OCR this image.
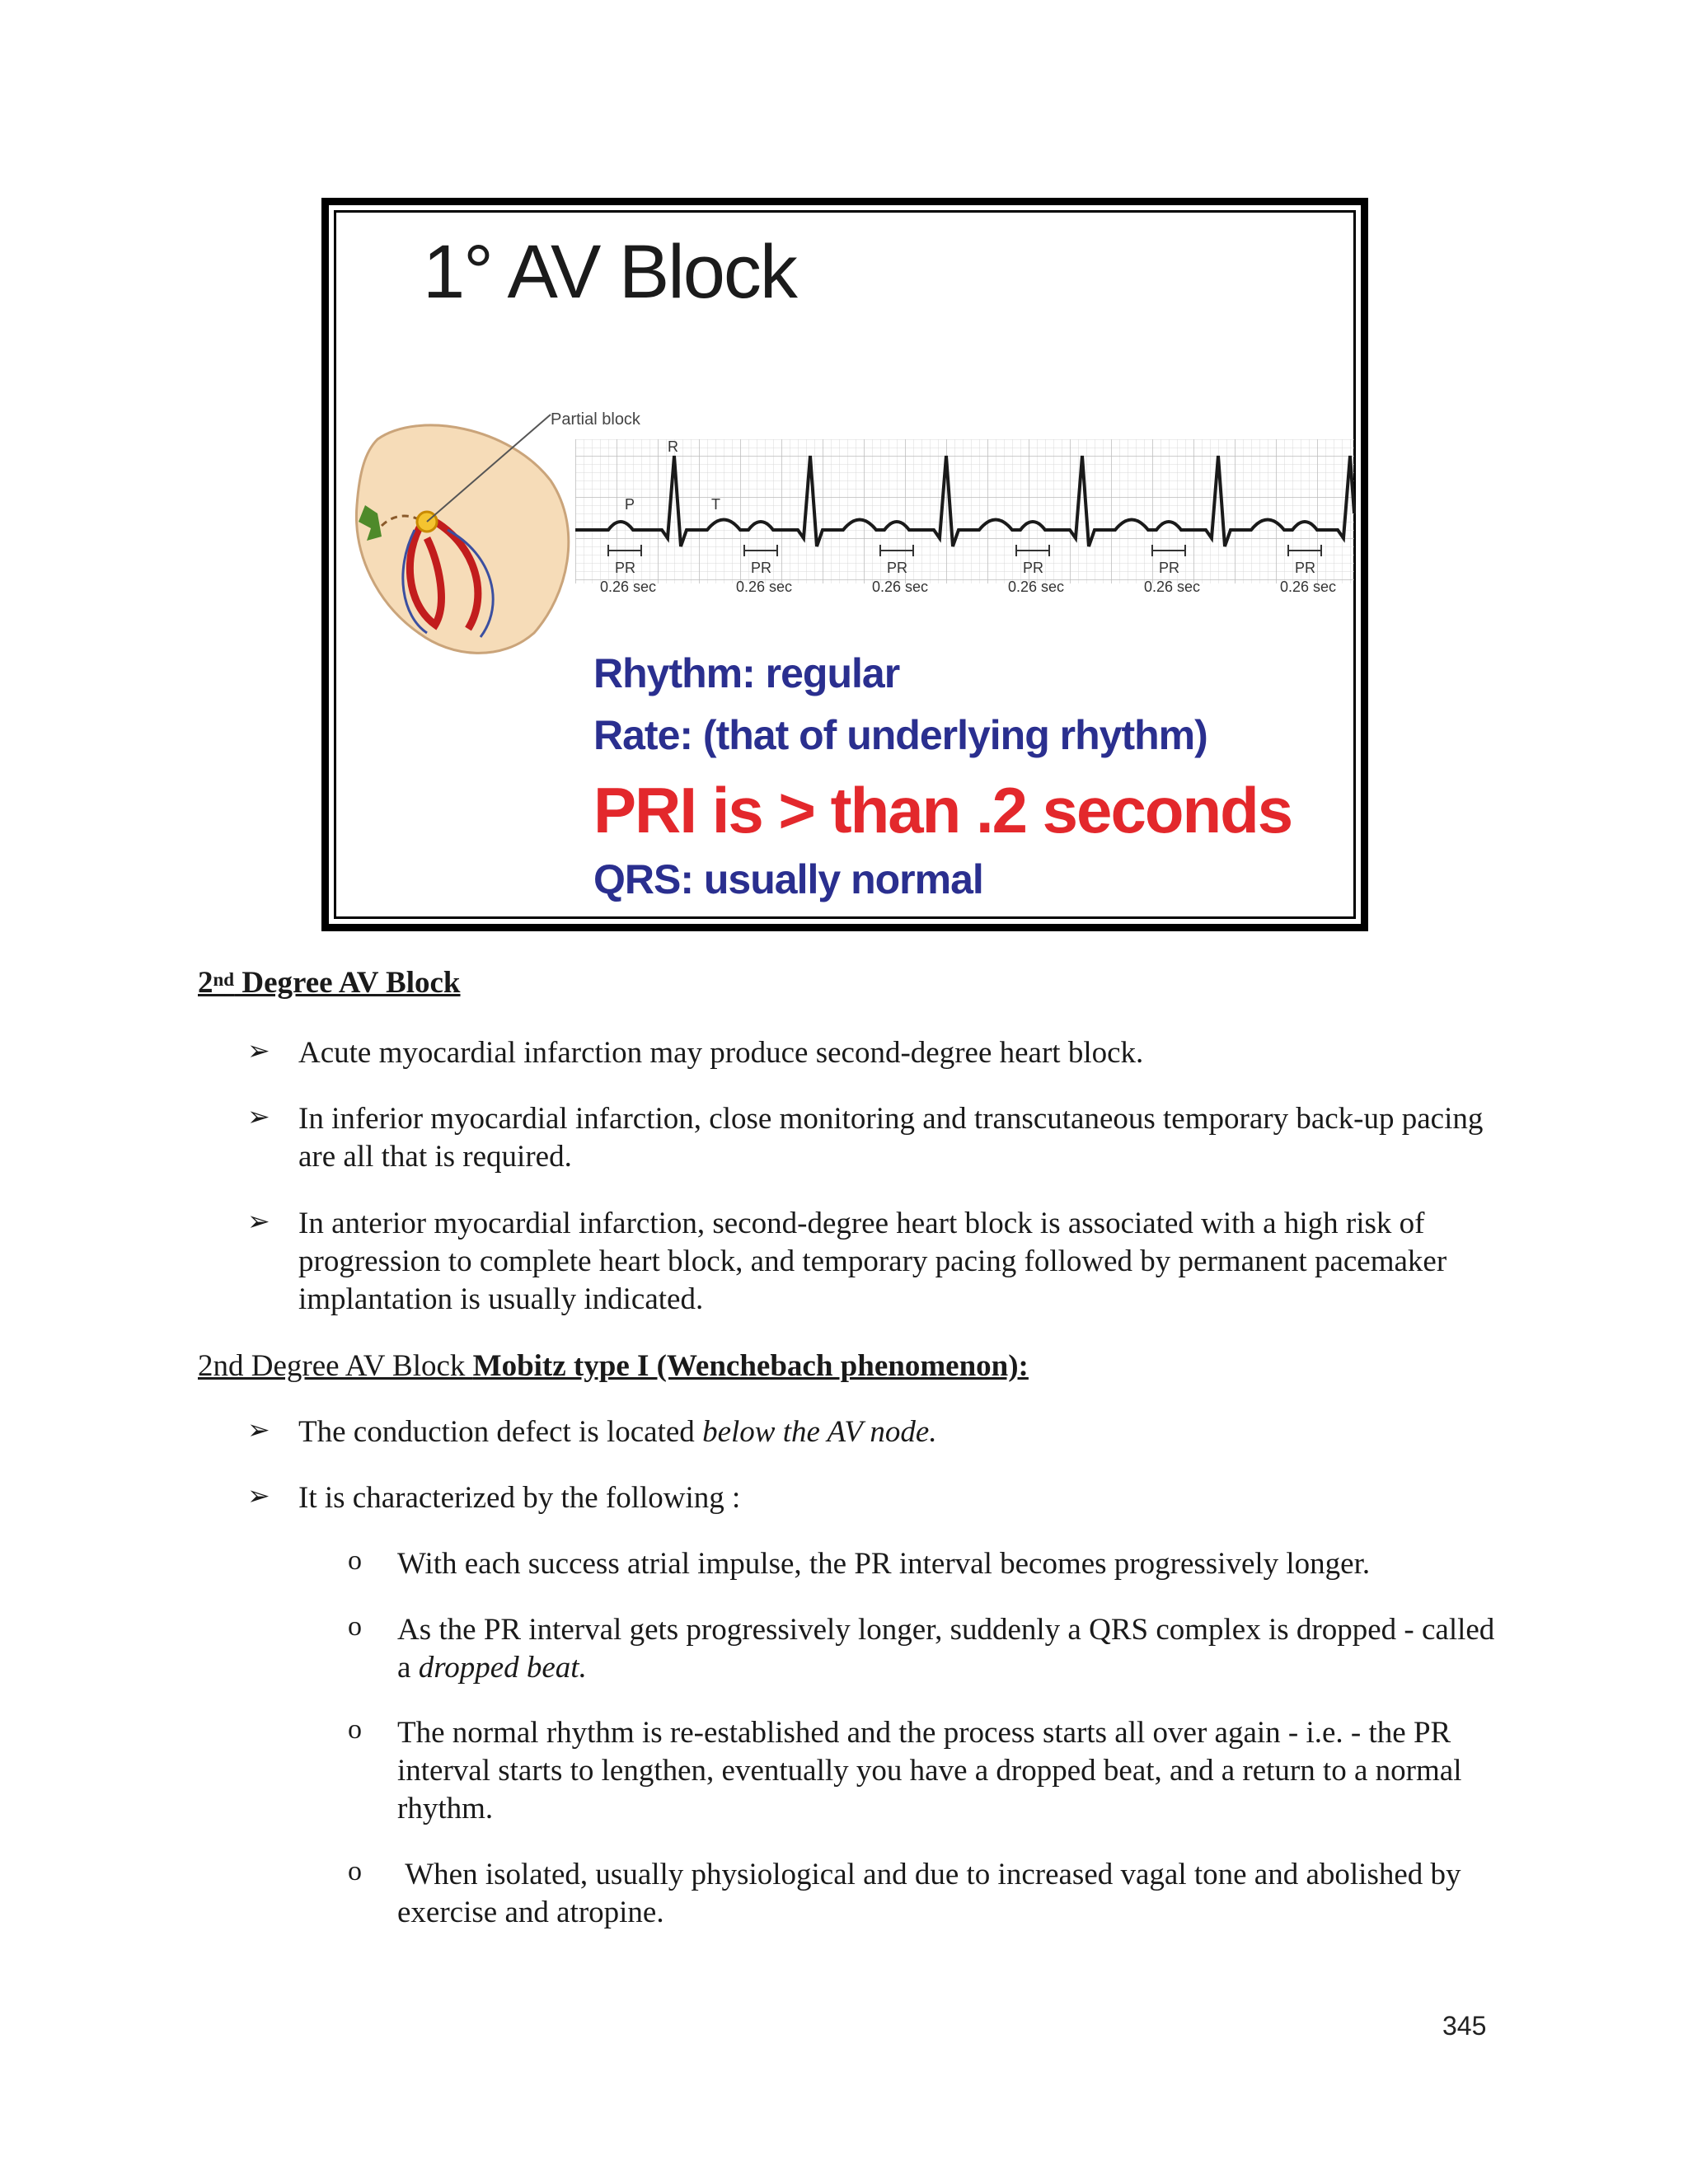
1° AV Block
Partial block
P
R
T
PR
0.26 sec
PR
0.26 sec
PR
0.26 sec
PR
0.26 sec
PR
0.26 sec
PR
0.26 sec
Rhythm: regular
Rate: (that of underlying rhythm)
PRI is > than .2 seconds
QRS: usually normal
2nd Degree AV Block
➢ Acute myocardial infarction may produce second-degree heart block.
➢ In inferior myocardial infarction, close monitoring and transcutaneous temporary back-up pacing are all that is required.
➢ In anterior myocardial infarction, second-degree heart block is associated with a high risk of progression to complete heart block, and temporary pacing followed by permanent pacemaker implantation is usually indicated.
2nd Degree AV Block Mobitz type I (Wenchebach phenomenon):
➢ The conduction defect is located below the AV node.
➢ It is characterized by the following :
o With each success atrial impulse, the PR interval becomes progressively longer.
o As the PR interval gets progressively longer, suddenly a QRS complex is dropped - called a dropped beat.
o The normal rhythm is re-established and the process starts all over again - i.e. - the PR interval starts to lengthen, eventually you have a dropped beat, and a return to a normal rhythm.
o When isolated, usually physiological and due to increased vagal tone and abolished by exercise and atropine.
345
